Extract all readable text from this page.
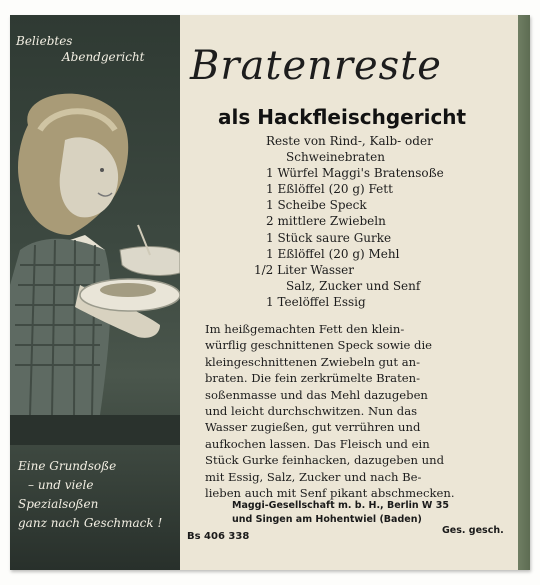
Beliebtes
Abendgericht
Eine Grundsoße
– und viele
Spezialsoßen
ganz nach Geschmack !
Bratenreste
als Hackfleischgericht
Reste von Rind-, Kalb- oder
Schweinebraten
1 Würfel Maggi's Bratensoße
1 Eßlöffel (20 g) Fett
1 Scheibe Speck
2 mittlere Zwiebeln
1 Stück saure Gurke
1 Eßlöffel (20 g) Mehl
1/2 Liter Wasser
Salz, Zucker und Senf
1 Teelöffel Essig
Im heißgemachten Fett den klein-
würflig geschnittenen Speck sowie die
kleingeschnittenen Zwiebeln gut an-
braten. Die fein zerkrümelte Braten-
soßenmasse und das Mehl dazugeben
und leicht durchschwitzen. Nun das
Wasser zugießen, gut verrühren und
aufkochen lassen. Das Fleisch und ein
Stück Gurke feinhacken, dazugeben und
mit Essig, Salz, Zucker und nach Be-
lieben auch mit Senf pikant abschmecken.
Maggi-Gesellschaft m. b. H., Berlin W 35
und Singen am Hohentwiel (Baden)
Bs 406 338
Ges. gesch.
